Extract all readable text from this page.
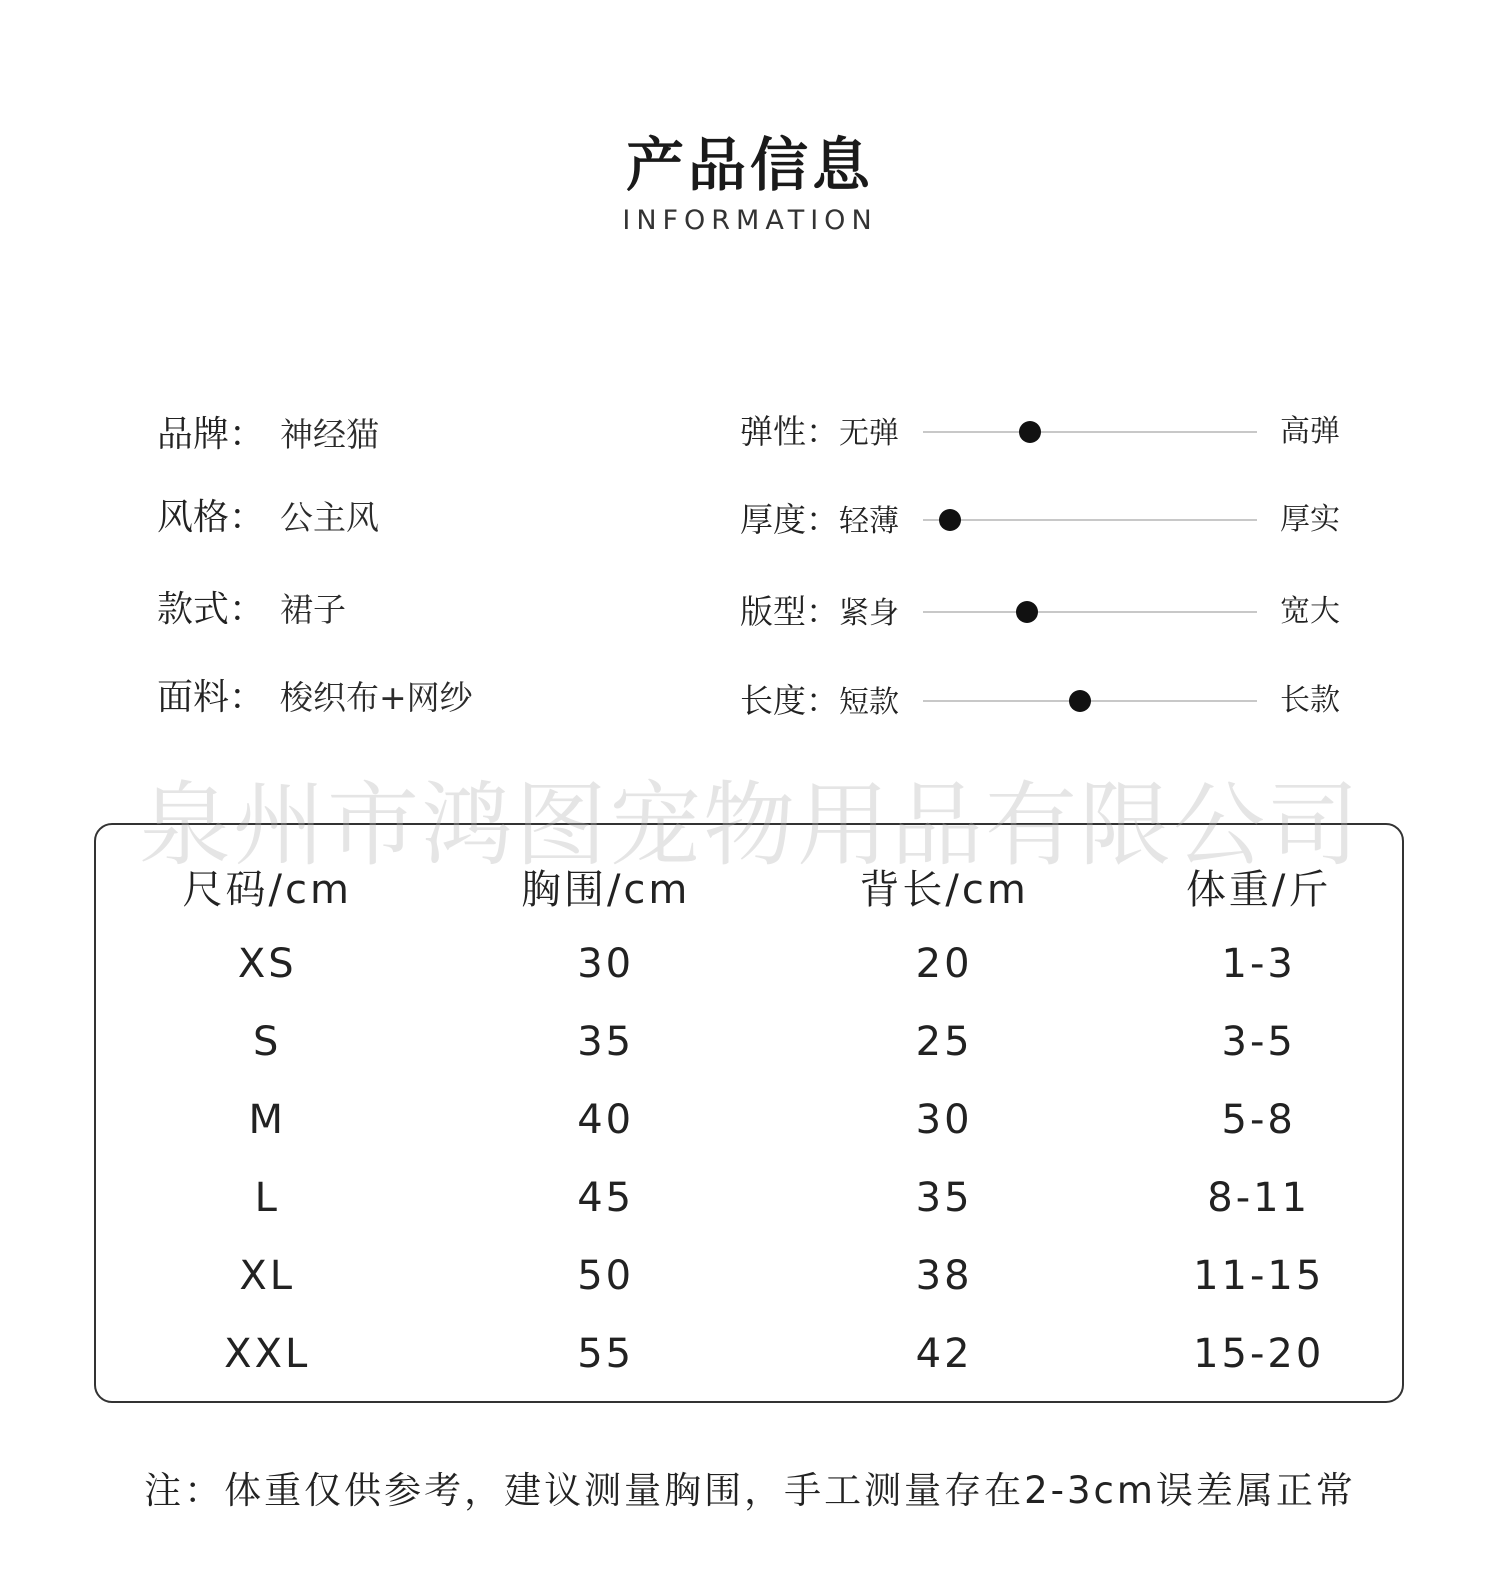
产品信息
INFORMATION
品牌： 神经猫
风格： 公主风
款式： 裙子
面料： 梭织布+网纱
弹性：无弹	高弹
厚度：轻薄	厚实
版型：紧身	宽大
长度：短款	长款
泉州市鸿图宠物用品有限公司
尺码/cm	胸围/cm	背长/cm	体重/斤
XS	30	20	1-3
S	35	25	3-5
M	40	30	5-8
L	45	35	8-11
XL	50	38	11-15
XXL	55	42	15-20
注：体重仅供参考，建议测量胸围，手工测量存在2-3cm误差属正常
